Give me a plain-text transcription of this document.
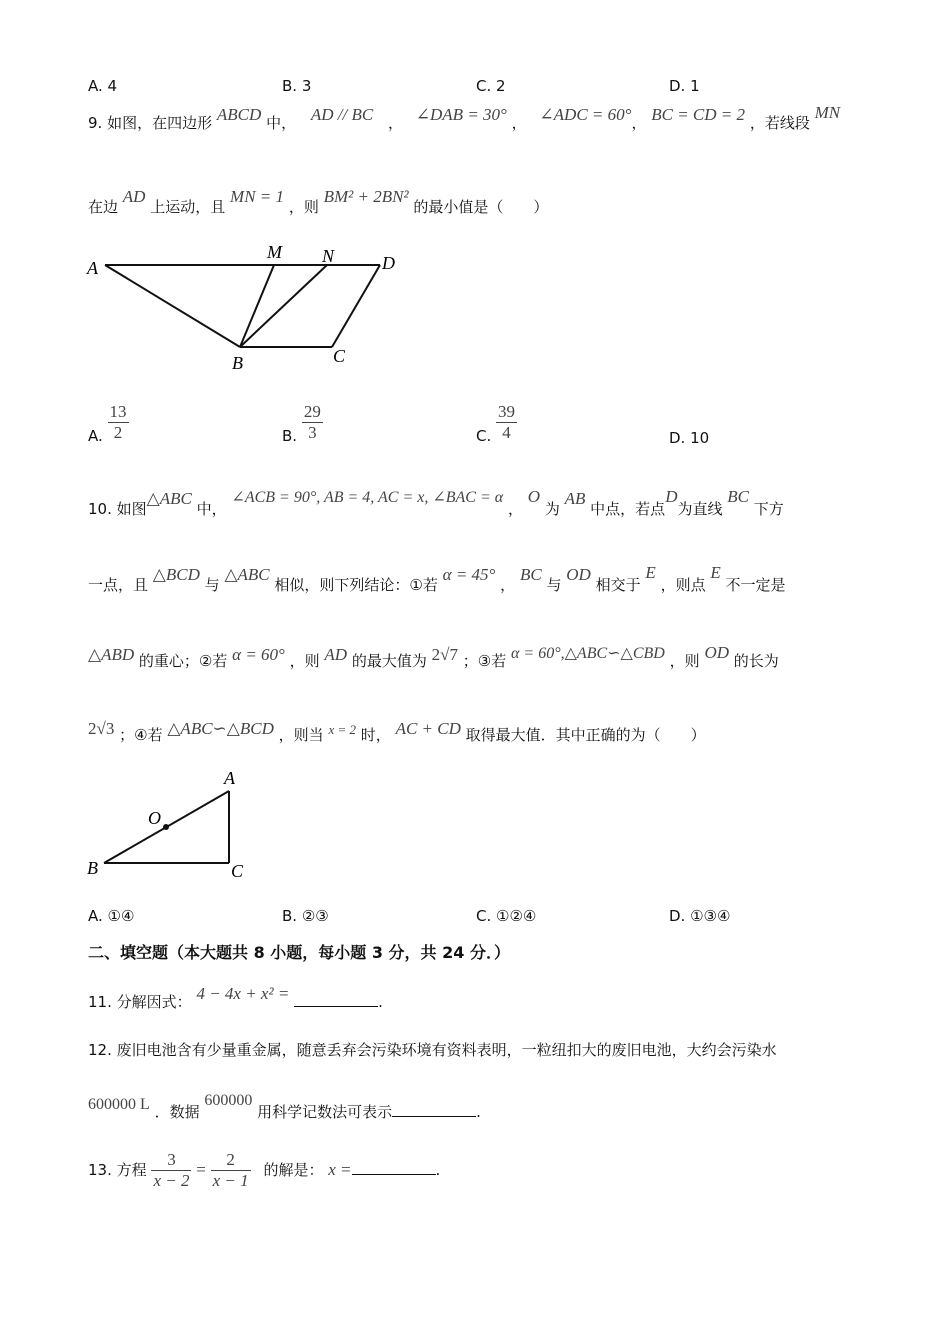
A. 4	B. 3	C. 2	D. 1
9. 如图，在四边形 ABCD 中， AD // BC ， ∠DAB = 30° ， ∠ADC = 60°， BC = CD = 2 ，若线段 MN
在边 AD 上运动，且 MN = 1 ，则 BM² + 2BN² 的最小值是（　　）
A
M N	D
B	C
A. $\frac{13}{2}$	B. $\frac{29}{3}$	C. $\frac{39}{4}$	D. 10
10. 如图△ABC 中， ∠ACB = 90°, AB = 4, AC = x, ∠BAC = α ， O 为 AB 中点，若点D为直线 BC 下方
一点，且 △BCD 与 △ABC 相似，则下列结论：①若 α = 45° ， BC 与 OD 相交于 E ，则点 E 不一定是
△ABD 的重心；②若 α = 60° ，则 AD 的最大值为 2√7 ；③若 α = 60°,△ABC∽△CBD ，则 OD 的长为
2√3 ；④若 △ABC∽△BCD ，则当 x = 2 时， AC + CD 取得最大值．其中正确的为（　　）
A
O
B	C
A. ①④	B. ②③	C. ①②④	D. ①③④
二、填空题（本大题共 8 小题，每小题 3 分，共 24 分．）
11. 分解因式： 4 − 4x + x² =	.
12. 废旧电池含有少量重金属，随意丢弃会污染环境有资料表明，一粒纽扣大的废旧电池，大约会污染水
600000 L ．数据 600000 用科学记数法可表示	.
13. 方程 $\frac{3}{x - 2} = \frac{2}{x - 1}$ 的解是： x =	.
